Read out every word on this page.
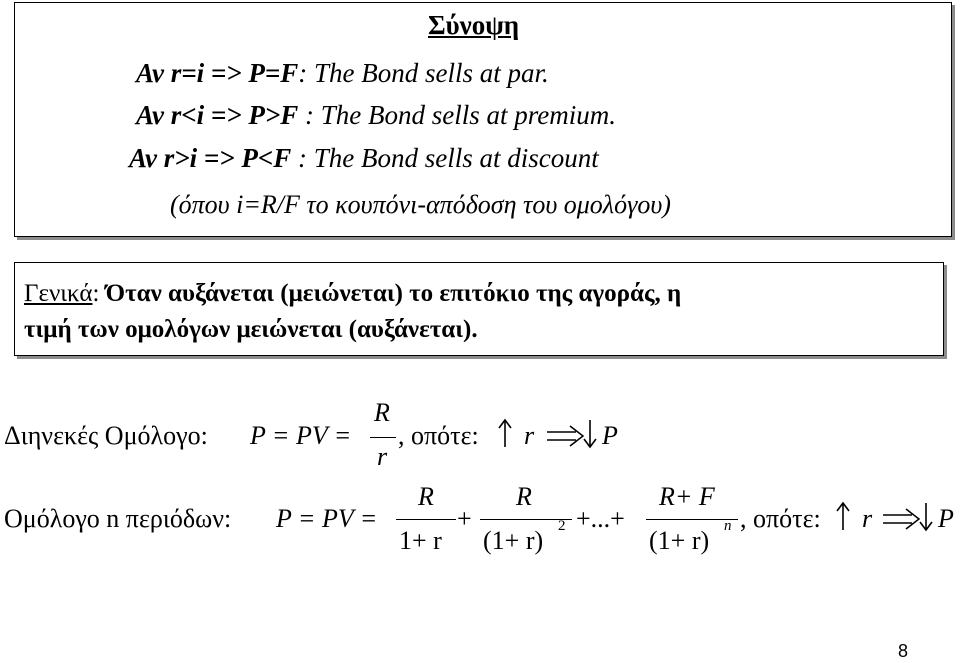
Σύνοψη
Αν r=i => P=F: The Bond sells at par.
Αν r<i => P>F : The Bond sells at premium.
Αν r>i => P<F : The Bond sells at discount
(όπου i=R/F το κουπόνι-απόδοση του ομολόγου)
Γενικά: Όταν αυξάνεται (μειώνεται) το επιτόκιο της αγοράς, η
τιμή των ομολόγων μειώνεται (αυξάνεται).
Διηνεκές Ομόλογο: P = PV =
R
r
, οπότε: r	P
Ομόλογο n περιόδων: P = PV =
R
1+ r
+
R
(1+ r) 2 +...+
R+ F
(1+ r) n , οπότε: r	P
8
